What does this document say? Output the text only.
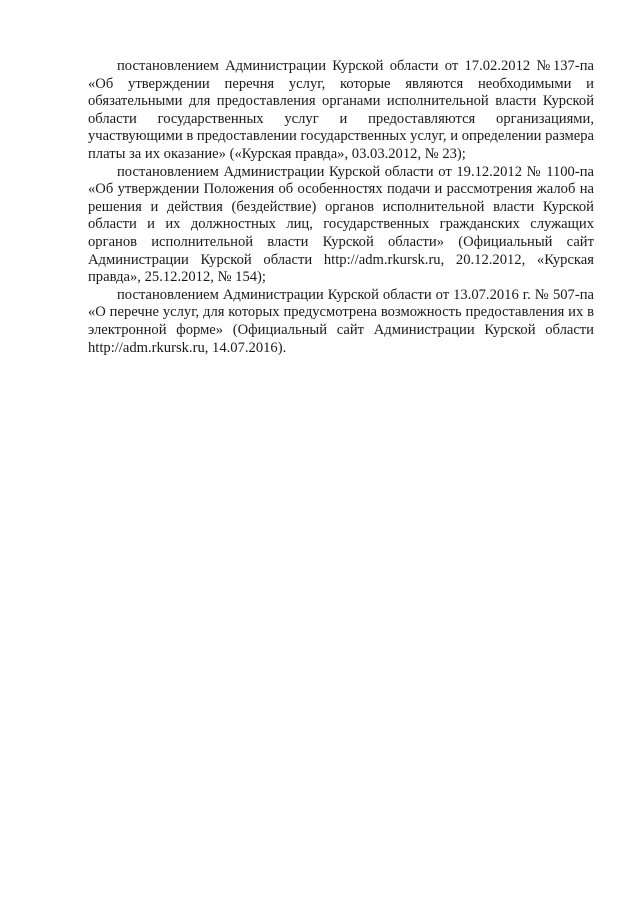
постановлением Администрации Курской области от 17.02.2012 №137-па «Об утверждении перечня услуг, которые являются необходимыми и обязательными для предоставления органами исполнительной власти Курской области государственных услуг и предоставляются организациями, участвующими в предоставлении государственных услуг, и определении размера платы за их оказание» («Курская правда», 03.03.2012, № 23);

постановлением Администрации Курской области от 19.12.2012 № 1100-па «Об утверждении Положения об особенностях подачи и рассмотрения жалоб на решения и действия (бездействие) органов исполнительной власти Курской области и их должностных лиц, государственных гражданских служащих органов исполнительной власти Курской области» (Официальный сайт Администрации Курской области http://adm.rkursk.ru, 20.12.2012, «Курская правда», 25.12.2012, № 154);

постановлением Администрации Курской области от 13.07.2016 г. № 507-па «О перечне услуг, для которых предусмотрена возможность предоставления их в электронной форме» (Официальный сайт Администрации Курской области http://adm.rkursk.ru, 14.07.2016).
